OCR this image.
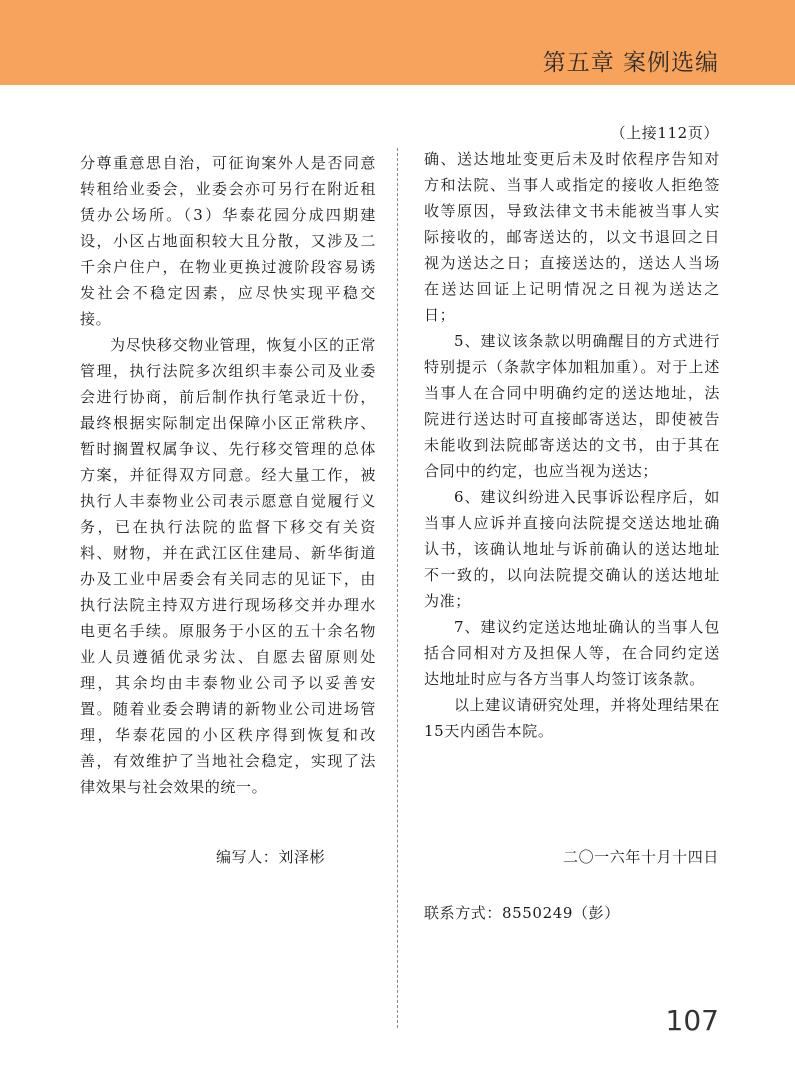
第五章 案例选编

分尊重意思自治，可征询案外人是否同意转租给业委会，业委会亦可另行在附近租赁办公场所。（3）华泰花园分成四期建设，小区占地面积较大且分散，又涉及二千余户住户，在物业更换过渡阶段容易诱发社会不稳定因素，应尽快实现平稳交接。

为尽快移交物业管理，恢复小区的正常管理，执行法院多次组织丰泰公司及业委会进行协商，前后制作执行笔录近十份，最终根据实际制定出保障小区正常秩序、暂时搁置权属争议、先行移交管理的总体方案，并征得双方同意。经大量工作，被执行人丰泰物业公司表示愿意自觉履行义务，已在执行法院的监督下移交有关资料、财物，并在武江区住建局、新华街道办及工业中居委会有关同志的见证下，由执行法院主持双方进行现场移交并办理水电更名手续。原服务于小区的五十余名物业人员遵循优录劣汰、自愿去留原则处理，其余均由丰泰物业公司予以妥善安置。随着业委会聘请的新物业公司进场管理，华泰花园的小区秩序得到恢复和改善，有效维护了当地社会稳定，实现了法律效果与社会效果的统一。

（上接112页）

确、送达地址变更后未及时依程序告知对方和法院、当事人或指定的接收人拒绝签收等原因，导致法律文书未能被当事人实际接收的，邮寄送达的，以文书退回之日视为送达之日；直接送达的，送达人当场在送达回证上记明情况之日视为送达之日；

5、建议该条款以明确醒目的方式进行特别提示（条款字体加粗加重）。对于上述当事人在合同中明确约定的送达地址，法院进行送达时可直接邮寄送达，即使被告未能收到法院邮寄送达的文书，由于其在合同中的约定，也应当视为送达；

6、建议纠纷进入民事诉讼程序后，如当事人应诉并直接向法院提交送达地址确认书，该确认地址与诉前确认的送达地址不一致的，以向法院提交确认的送达地址为准；

7、建议约定送达地址确认的当事人包括合同相对方及担保人等，在合同约定送达地址时应与各方当事人均签订该条款。

以上建议请研究处理，并将处理结果在15天内函告本院。

编写人：刘泽彬	二〇一六年十月十四日
联系方式：8550249（彭）
107
